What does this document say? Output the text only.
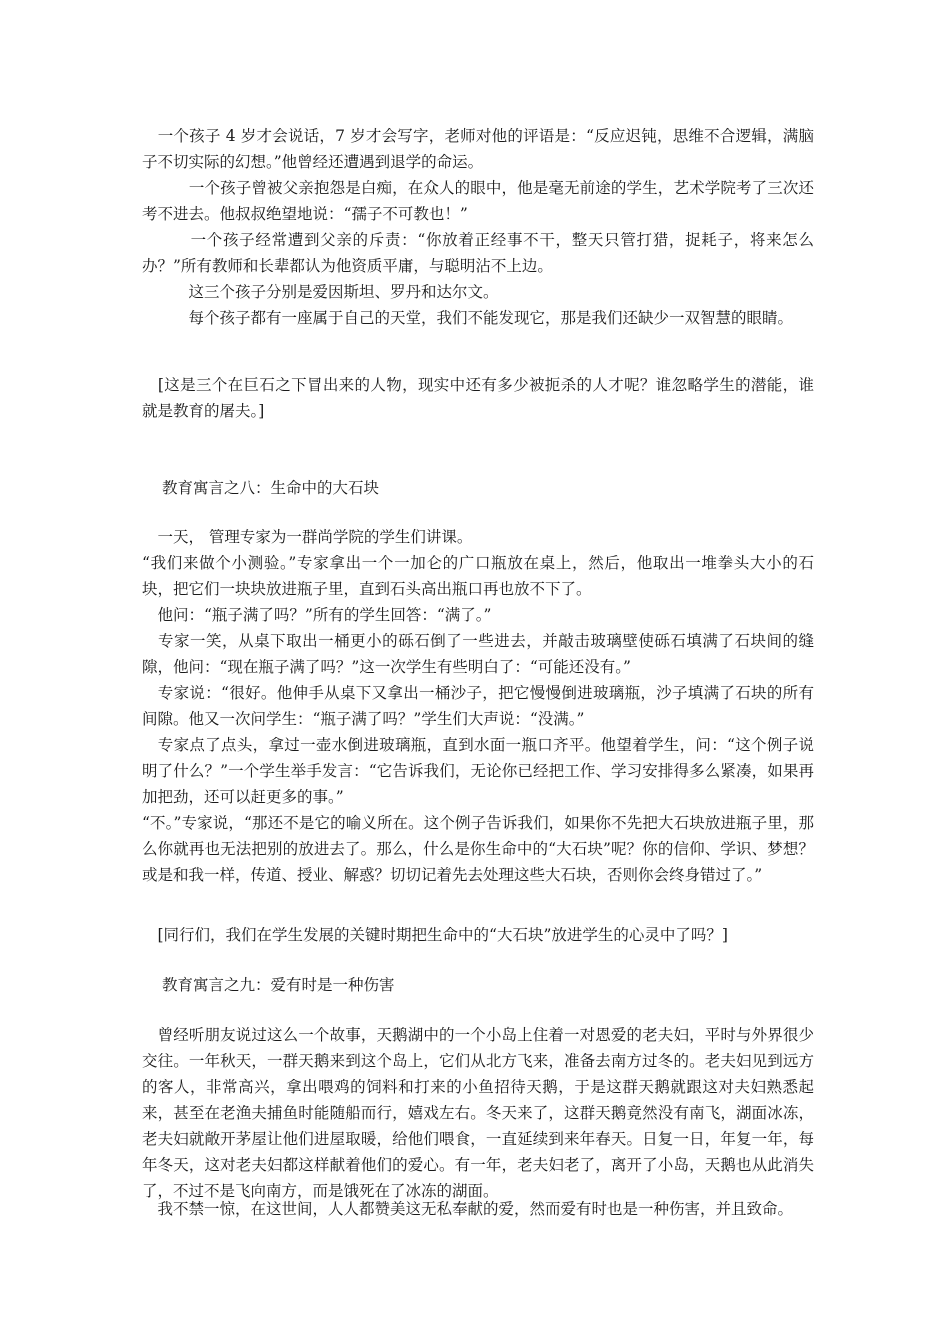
　一个孩子 4 岁才会说话，7 岁才会写字，老师对他的评语是：“反应迟钝，思维不合逻辑，满脑子不切实际的幻想。”他曾经还遭遇到退学的命运。

　　　一个孩子曾被父亲抱怨是白痴，在众人的眼中，他是毫无前途的学生，艺术学院考了三次还考不进去。他叔叔绝望地说：“孺子不可教也！”

　　　一个孩子经常遭到父亲的斥责：“你放着正经事不干，整天只管打猎，捉耗子，将来怎么办？”所有教师和长辈都认为他资质平庸，与聪明沾不上边。

　　　这三个孩子分别是爱因斯坦、罗丹和达尔文。

　　　每个孩子都有一座属于自己的天堂，我们不能发现它，那是我们还缺少一双智慧的眼睛。

　[这是三个在巨石之下冒出来的人物，现实中还有多少被扼杀的人才呢？谁忽略学生的潜能，谁就是教育的屠夫。]

教育寓言之八：生命中的大石块

　一天， 管理专家为一群尚学院的学生们讲课。

“我们来做个小测验。”专家拿出一个一加仑的广口瓶放在桌上，然后，他取出一堆拳头大小的石块，把它们一块块放进瓶子里，直到石头高出瓶口再也放不下了。

　他问：“瓶子满了吗？”所有的学生回答：“满了。”

　专家一笑，从桌下取出一桶更小的砾石倒了一些进去，并敲击玻璃壁使砾石填满了石块间的缝隙，他问：“现在瓶子满了吗？”这一次学生有些明白了：“可能还没有。”

　专家说：“很好。他伸手从桌下又拿出一桶沙子，把它慢慢倒进玻璃瓶，沙子填满了石块的所有间隙。他又一次问学生：“瓶子满了吗？”学生们大声说：“没满。”

　专家点了点头，拿过一壶水倒进玻璃瓶，直到水面一瓶口齐平。他望着学生，问：“这个例子说明了什么？”一个学生举手发言：“它告诉我们，无论你已经把工作、学习安排得多么紧凑，如果再加把劲，还可以赶更多的事。”

“不。”专家说，“那还不是它的喻义所在。这个例子告诉我们，如果你不先把大石块放进瓶子里，那么你就再也无法把别的放进去了。那么，什么是你生命中的“大石块”呢？你的信仰、学识、梦想？或是和我一样，传道、授业、解惑？切切记着先去处理这些大石块，否则你会终身错过了。”

　[同行们，我们在学生发展的关键时期把生命中的“大石块”放进学生的心灵中了吗？]

教育寓言之九：爱有时是一种伤害

　曾经听朋友说过这么一个故事，天鹅湖中的一个小岛上住着一对恩爱的老夫妇，平时与外界很少交往。一年秋天，一群天鹅来到这个岛上，它们从北方飞来，准备去南方过冬的。老夫妇见到远方的客人，非常高兴，拿出喂鸡的饲料和打来的小鱼招待天鹅，于是这群天鹅就跟这对夫妇熟悉起来，甚至在老渔夫捕鱼时能随船而行，嬉戏左右。冬天来了，这群天鹅竟然没有南飞，湖面冰冻，老夫妇就敞开茅屋让他们进屋取暖，给他们喂食，一直延续到来年春天。日复一日，年复一年，每年冬天，这对老夫妇都这样献着他们的爱心。有一年，老夫妇老了，离开了小岛，天鹅也从此消失了，不过不是飞向南方，而是饿死在了冰冻的湖面。

　我不禁一惊，在这世间，人人都赞美这无私奉献的爱，然而爱有时也是一种伤害，并且致命。
